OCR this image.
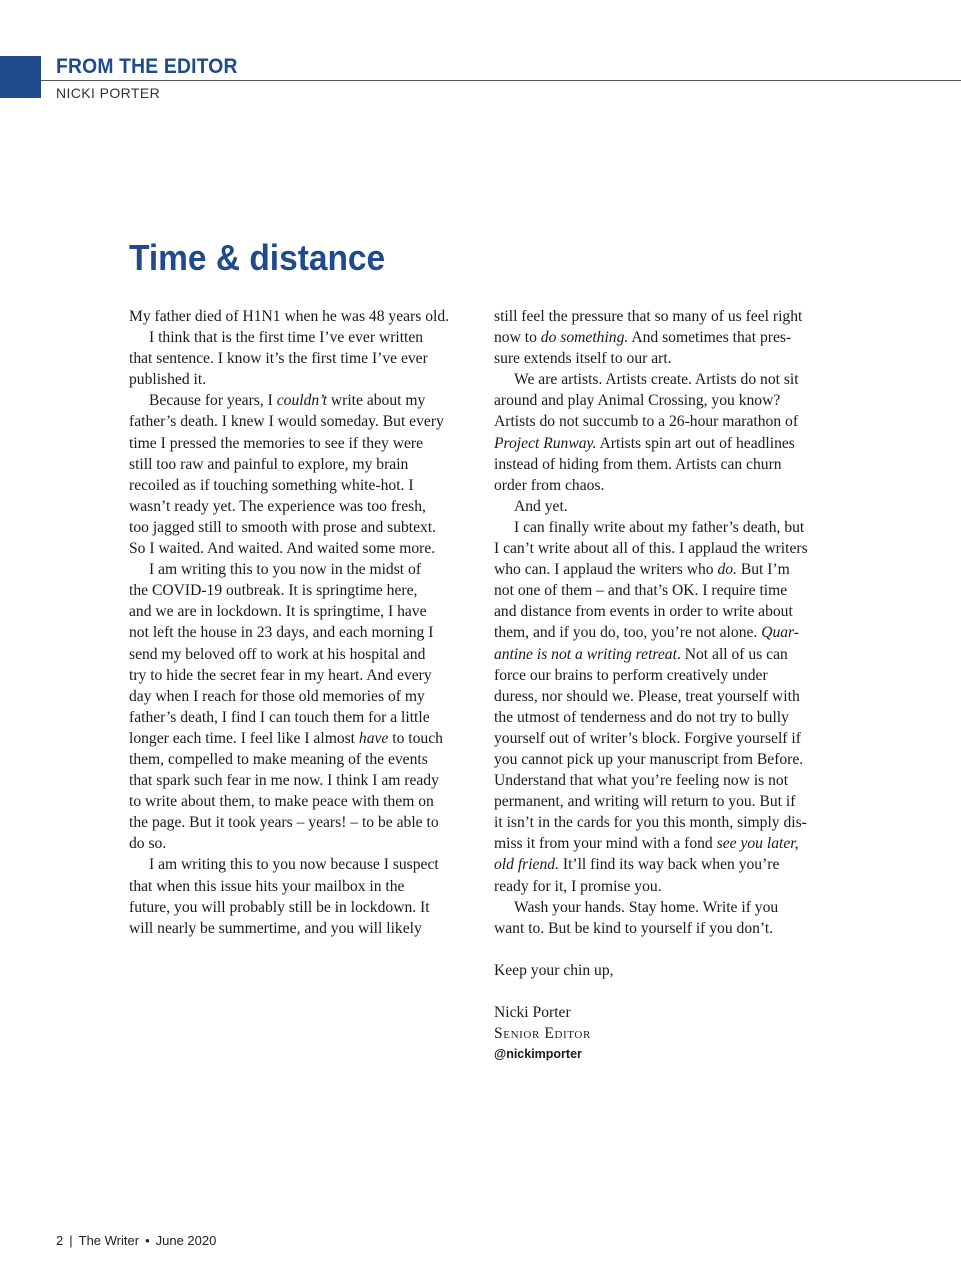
FROM THE EDITOR
NICKI PORTER
Time & distance
My father died of H1N1 when he was 48 years old.
I think that is the first time I’ve ever written
that sentence. I know it’s the first time I’ve ever
published it.
Because for years, I couldn’t write about my
father’s death. I knew I would someday. But every
time I pressed the memories to see if they were
still too raw and painful to explore, my brain
recoiled as if touching something white-hot. I
wasn’t ready yet. The experience was too fresh,
too jagged still to smooth with prose and subtext.
So I waited. And waited. And waited some more.
I am writing this to you now in the midst of
the COVID-19 outbreak. It is springtime here,
and we are in lockdown. It is springtime, I have
not left the house in 23 days, and each morning I
send my beloved off to work at his hospital and
try to hide the secret fear in my heart. And every
day when I reach for those old memories of my
father’s death, I find I can touch them for a little
longer each time. I feel like I almost have to touch
them, compelled to make meaning of the events
that spark such fear in me now. I think I am ready
to write about them, to make peace with them on
the page. But it took years – years! – to be able to
do so.
I am writing this to you now because I suspect
that when this issue hits your mailbox in the
future, you will probably still be in lockdown. It
will nearly be summertime, and you will likely
still feel the pressure that so many of us feel right
now to do something. And sometimes that pres-
sure extends itself to our art.
We are artists. Artists create. Artists do not sit
around and play Animal Crossing, you know?
Artists do not succumb to a 26-hour marathon of
Project Runway. Artists spin art out of headlines
instead of hiding from them. Artists can churn
order from chaos.
And yet.
I can finally write about my father’s death, but
I can’t write about all of this. I applaud the writers
who can. I applaud the writers who do. But I’m
not one of them – and that’s OK. I require time
and distance from events in order to write about
them, and if you do, too, you’re not alone. Quar-
antine is not a writing retreat. Not all of us can
force our brains to perform creatively under
duress, nor should we. Please, treat yourself with
the utmost of tenderness and do not try to bully
yourself out of writer’s block. Forgive yourself if
you cannot pick up your manuscript from Before.
Understand that what you’re feeling now is not
permanent, and writing will return to you. But if
it isn’t in the cards for you this month, simply dis-
miss it from your mind with a fond see you later,
old friend. It’ll find its way back when you’re
ready for it, I promise you.
Wash your hands. Stay home. Write if you
want to. But be kind to yourself if you don’t.
Keep your chin up,
Nicki Porter
Senior Editor
@nickimporter
2 | The Writer • June 2020
